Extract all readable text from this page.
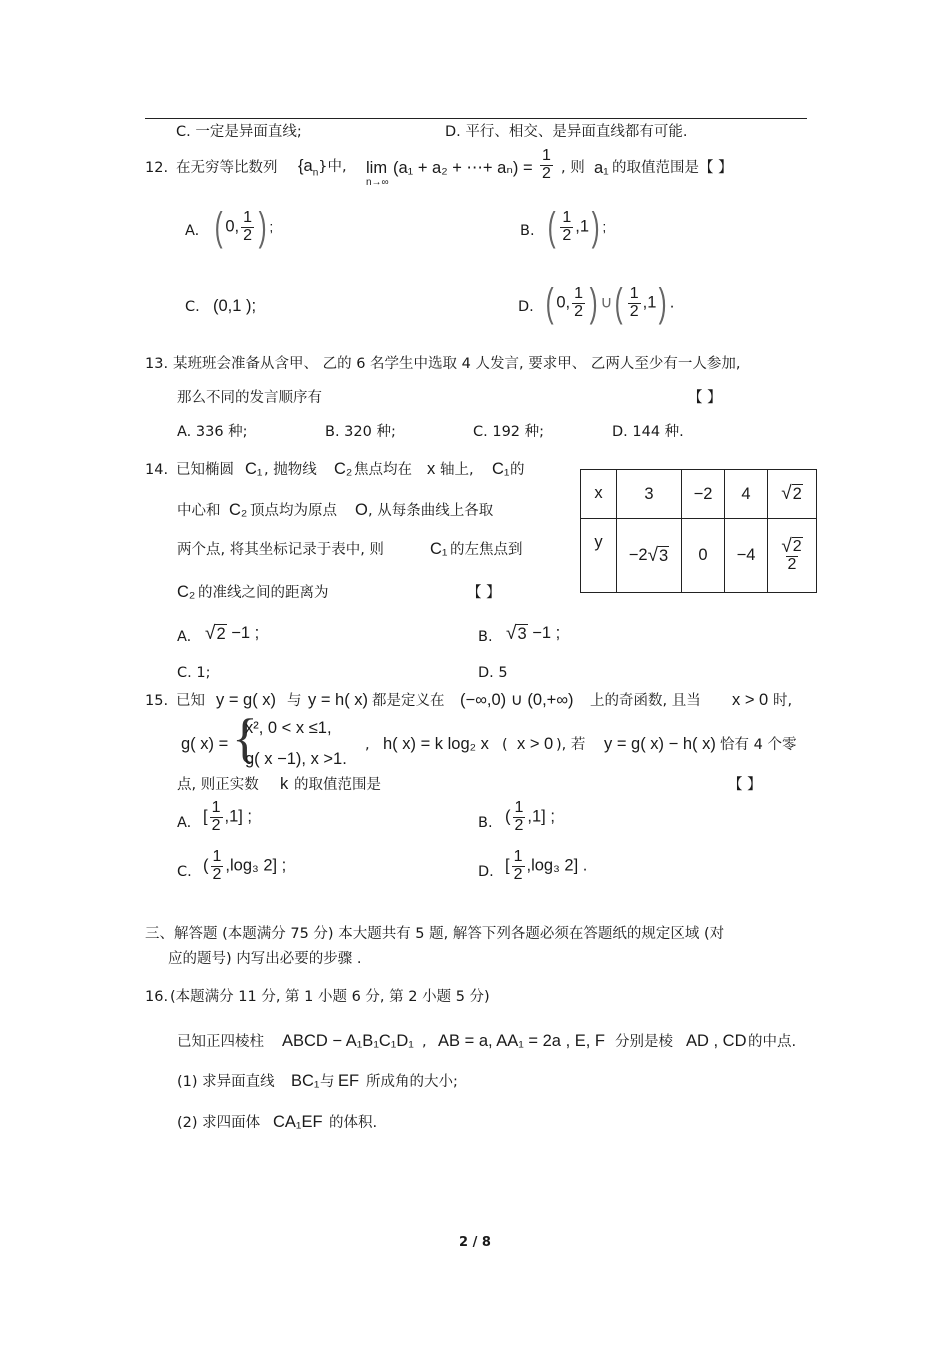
C. 一定是异面直线;	D. 平行、相交、是异面直线都有可能.
12. 在无穷等比数列 $\{a_n\}$中, lim
n→∞
(a₁ + a₂ + ⋯+ $a_n) = \frac{1}{2}$ , 则 a₁ 的取值范围是【 】
A. ( 0, $\frac{1}{2}$ ) ;	B. ( $\frac{1}{2} ,1$) ;
C. (0,1 );	D. ( 0, $\frac{1}{2}$ ) ∪( $\frac{1}{2} ,1$) .
13. 某班班会准备从含甲、 乙的 6 名学生中选取 4 人发言, 要求甲、 乙两人至少有一人参加,
那么不同的发言顺序有	【 】
A. 336 种;	B. 320 种;	C. 192 种;	D. 144 种.
14. 已知椭圆 C₁ , 抛物线 C₂ 焦点均在 x 轴上, C₁ 的
中心和 C₂ 顶点均为原点 O , 从每条曲线上各取
两个点, 将其坐标记录于表中, 则	C₁ 的左焦点到
C₂ 的准线之间的距离为	【 】
x	3	−2	4	√ 2

y	−2 √ 3	0	−4	$\frac{√ 2}{2}$
A. √ 2 −1 ;	B. √ 3 −1 ;
C. 1;	D. 5
15. 已知 y = g( x) 与 y = h( x) 都是定义在 (−∞,0) ∪ (0,+∞) 上的奇函数, 且当 x > 0 时,
g( x) = {
x², 0 < x ≤1,
g( x −1), x >1.
, h( x) = k log₂ x ( x > 0 ), 若 y = g( x) − h( x) 恰有 4 个零
点, 则正实数 k 的取值范围是	【 】
A. [ $\frac{1}{2} ,1$] ;	B. ( $\frac{1}{2} ,1$] ;
C. ( $\frac{1}{2} ,\log_3$ 2] ;	D. [ $\frac{1}{2} ,\log_3$ 2] .
三、解答题 (本题满分 75 分) 本大题共有 5 题, 解答下列各题必须在答题纸的规定区域 (对
应的题号) 内写出必要的步骤 .
16. (本题满分 11 分, 第 1 小题 6 分, 第 2 小题 5 分)
已知正四棱柱 ABCD − A₁B₁C₁D₁ , AB = a, AA₁ = 2a , E, F 分别是棱 AD , CD 的中点.
(1) 求异面直线 BC₁ 与 EF 所成角的大小;
(2) 求四面体 CA₁EF 的体积.
2 / 8
